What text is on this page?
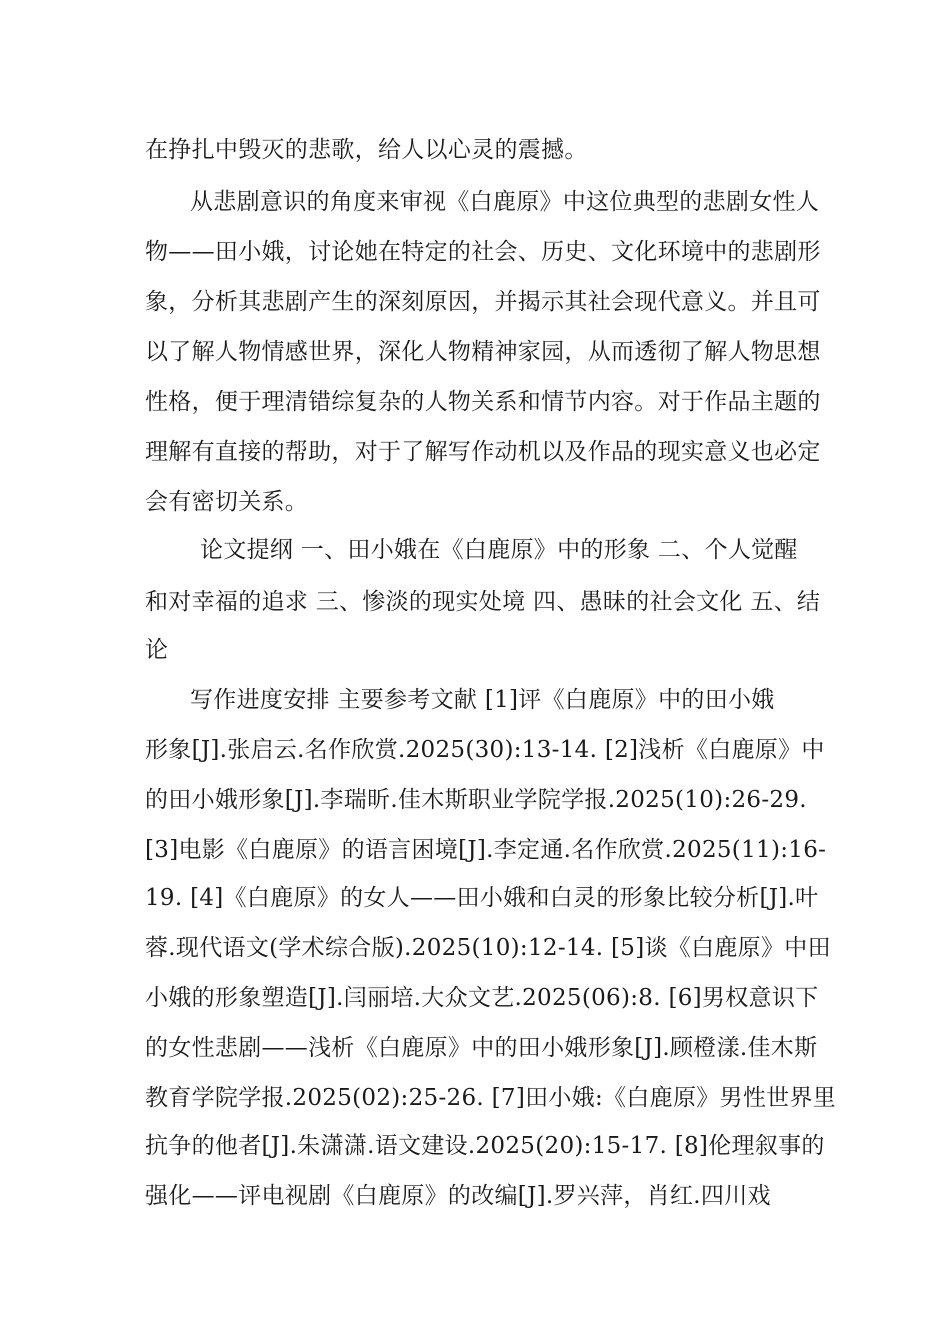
在挣扎中毁灭的悲歌，给人以心灵的震撼。
从悲剧意识的角度来审视《白鹿原》中这位典型的悲剧女性人
物——田小娥，讨论她在特定的社会、历史、文化环境中的悲剧形
象，分析其悲剧产生的深刻原因，并揭示其社会现代意义。并且可
以了解人物情感世界，深化人物精神家园，从而透彻了解人物思想
性格，便于理清错综复杂的人物关系和情节内容。对于作品主题的
理解有直接的帮助，对于了解写作动机以及作品的现实意义也必定
会有密切关系。
论文提纲 一、田小娥在《白鹿原》中的形象 二、个人觉醒
和对幸福的追求 三、惨淡的现实处境 四、愚昧的社会文化 五、结
论
写作进度安排 主要参考文献 [1]评《白鹿原》中的田小娥
形象[J].张启云.名作欣赏.2025(30):13-14. [2]浅析《白鹿原》中
的田小娥形象[J].李瑞昕.佳木斯职业学院学报.2025(10):26-29.
[3]电影《白鹿原》的语言困境[J].李定通.名作欣赏.2025(11):16-
19. [4]《白鹿原》的女人——田小娥和白灵的形象比较分析[J].叶
蓉.现代语文(学术综合版).2025(10):12-14. [5]谈《白鹿原》中田
小娥的形象塑造[J].闫丽培.大众文艺.2025(06):8. [6]男权意识下
的女性悲剧——浅析《白鹿原》中的田小娥形象[J].顾橙漾.佳木斯
教育学院学报.2025(02):25-26. [7]田小娥:《白鹿原》男性世界里
抗争的他者[J].朱潇潇.语文建设.2025(20):15-17. [8]伦理叙事的
强化——评电视剧《白鹿原》的改编[J].罗兴萍，肖红.四川戏
